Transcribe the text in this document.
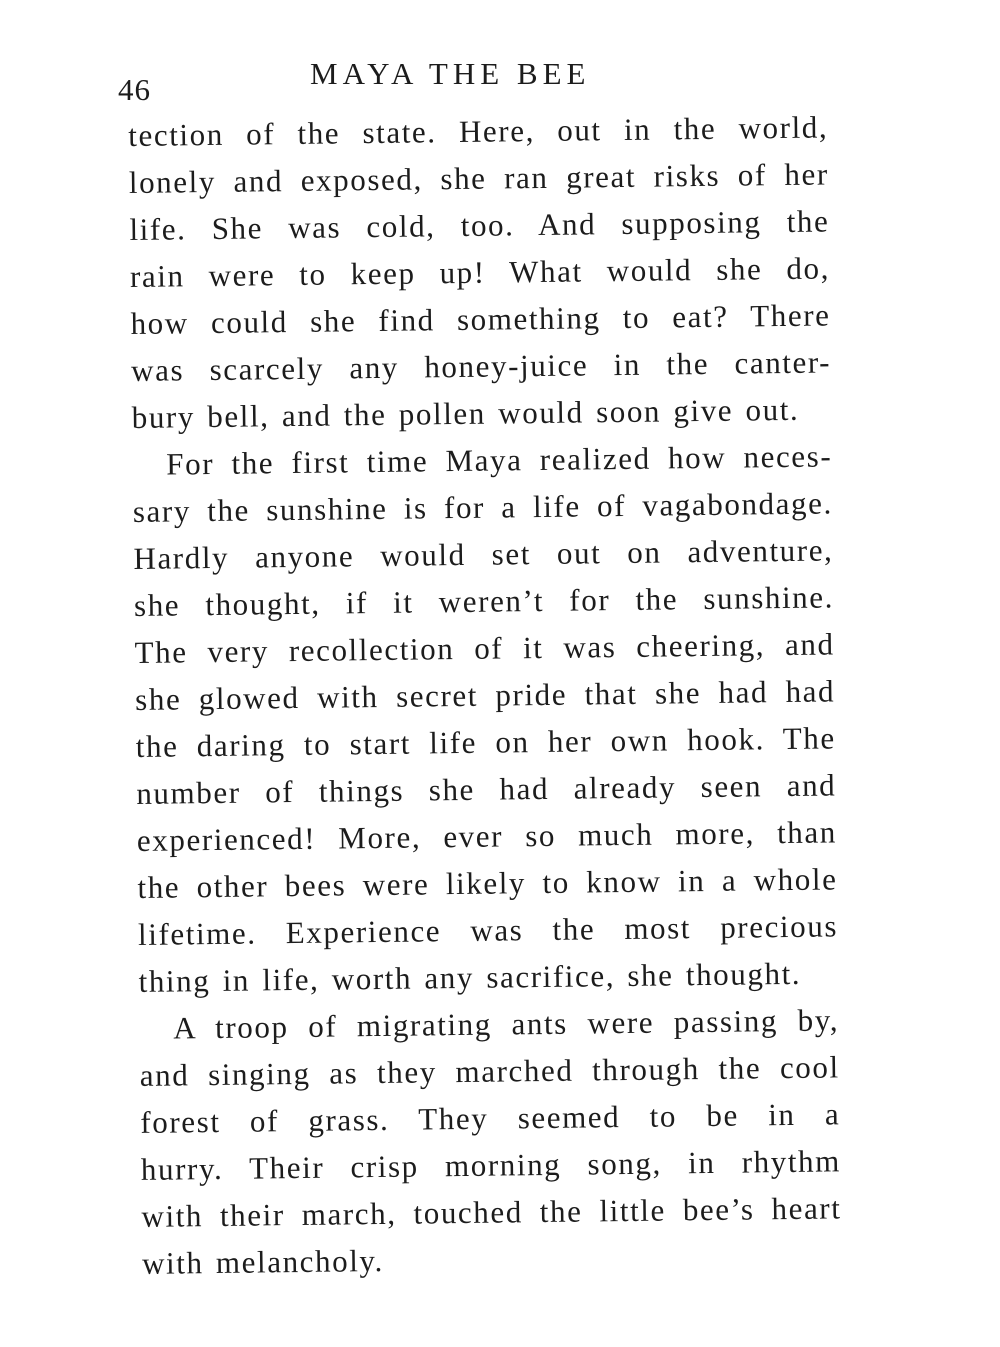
46	MAYA THE BEE

tection of the state. Here, out in the world,
lonely and exposed, she ran great risks of her
life. She was cold, too. And supposing the
rain were to keep up! What would she do,
how could she find something to eat? There
was scarcely any honey-juice in the canter-
bury bell, and the pollen would soon give out.

For the first time Maya realized how neces-
sary the sunshine is for a life of vagabondage.
Hardly anyone would set out on adventure,
she thought, if it weren’t for the sunshine.
The very recollection of it was cheering, and
she glowed with secret pride that she had had
the daring to start life on her own hook. The
number of things she had already seen and
experienced! More, ever so much more, than
the other bees were likely to know in a whole
lifetime. Experience was the most precious
thing in life, worth any sacrifice, she thought.

A troop of migrating ants were passing by,
and singing as they marched through the cool
forest of grass. They seemed to be in a
hurry. Their crisp morning song, in rhythm
with their march, touched the little bee’s heart
with melancholy.
